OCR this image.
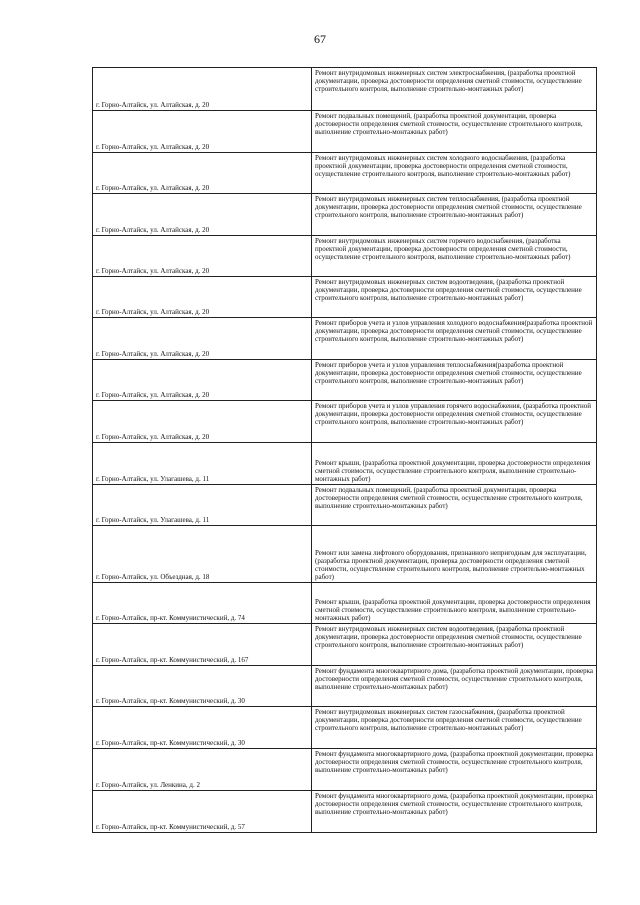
67
г. Горно-Алтайск, ул. Алтайская, д. 20	Ремонт внутридомовых инженерных систем электроснабжения, (разработка проектной документации, проверка достоверности определения сметной стоимости, осуществление строительного контроля, выполнение строительно-монтажных работ)
г. Горно-Алтайск, ул. Алтайская, д. 20	Ремонт подвальных помещений, (разработка проектной документации, проверка достоверности определения сметной стоимости, осуществление строительного контроля, выполнение строительно-монтажных работ)
г. Горно-Алтайск, ул. Алтайская, д. 20	Ремонт внутридомовых инженерных систем холодного водоснабжения, (разработка проектной документации, проверка достоверности определения сметной стоимости, осуществление строительного контроля, выполнение строительно-монтажных работ)
г. Горно-Алтайск, ул. Алтайская, д. 20	Ремонт внутридомовых инженерных систем теплоснабжения, (разработка проектной документации, проверка достоверности определения сметной стоимости, осуществление строительного контроля, выполнение строительно-монтажных работ)
г. Горно-Алтайск, ул. Алтайская, д. 20	Ремонт внутридомовых инженерных систем горячего водоснабжения, (разработка проектной документации, проверка достоверности определения сметной стоимости, осуществление строительного контроля, выполнение строительно-монтажных работ)
г. Горно-Алтайск, ул. Алтайская, д. 20	Ремонт внутридомовых инженерных систем водоотведения, (разработка проектной документации, проверка достоверности определения сметной стоимости, осуществление строительного контроля, выполнение строительно-монтажных работ)
г. Горно-Алтайск, ул. Алтайская, д. 20	Ремонт приборов учета и узлов управления холодного водоснабжения(разработка проектной документации, проверка достоверности определения сметной стоимости, осуществление строительного контроля, выполнение строительно-монтажных работ)
г. Горно-Алтайск, ул. Алтайская, д. 20	Ремонт приборов учета и узлов управления теплоснабжения(разработка проектной документации, проверка достоверности определения сметной стоимости, осуществление строительного контроля, выполнение строительно-монтажных работ)
г. Горно-Алтайск, ул. Алтайская, д. 20	Ремонт приборов учета и узлов управления горячего водоснабжения, (разработка проектной документации, проверка достоверности определения сметной стоимости, осуществление строительного контроля, выполнение строительно-монтажных работ)
г. Горно-Алтайск, ул. Улагашева, д. 11	Ремонт крыши, (разработка проектной документации, проверка достоверности определения сметной стоимости, осуществление строительного контроля, выполнение строительно-монтажных работ)
г. Горно-Алтайск, ул. Улагашева, д. 11	Ремонт подвальных помещений, (разработка проектной документации, проверка достоверности определения сметной стоимости, осуществление строительного контроля, выполнение строительно-монтажных работ)
г. Горно-Алтайск, ул. Объездная, д. 18	Ремонт или замена лифтового оборудования, признанного непригодным для эксплуатации, (разработка проектной документации, проверка достоверности определения сметной стоимости, осуществление строительного контроля, выполнение строительно-монтажных работ)
г. Горно-Алтайск, пр-кт. Коммунистический, д. 74	Ремонт крыши, (разработка проектной документации, проверка достоверности определения сметной стоимости, осуществление строительного контроля, выполнение строительно-монтажных работ)
г. Горно-Алтайск, пр-кт. Коммунистический, д. 167	Ремонт внутридомовых инженерных систем водоотведения, (разработка проектной документации, проверка достоверности определения сметной стоимости, осуществление строительного контроля, выполнение строительно-монтажных работ)
г. Горно-Алтайск, пр-кт. Коммунистический, д. 30	Ремонт фундамента многоквартирного дома, (разработка проектной документации, проверка достоверности определения сметной стоимости, осуществление строительного контроля, выполнение строительно-монтажных работ)
г. Горно-Алтайск, пр-кт. Коммунистический, д. 30	Ремонт внутридомовых инженерных систем газоснабжения, (разработка проектной документации, проверка достоверности определения сметной стоимости, осуществление строительного контроля, выполнение строительно-монтажных работ)
г. Горно-Алтайск, ул. Ленкина, д. 2	Ремонт фундамента многоквартирного дома, (разработка проектной документации, проверка достоверности определения сметной стоимости, осуществление строительного контроля, выполнение строительно-монтажных работ)
г. Горно-Алтайск, пр-кт. Коммунистический, д. 57	Ремонт фундамента многоквартирного дома, (разработка проектной документации, проверка достоверности определения сметной стоимости, осуществление строительного контроля, выполнение строительно-монтажных работ)
